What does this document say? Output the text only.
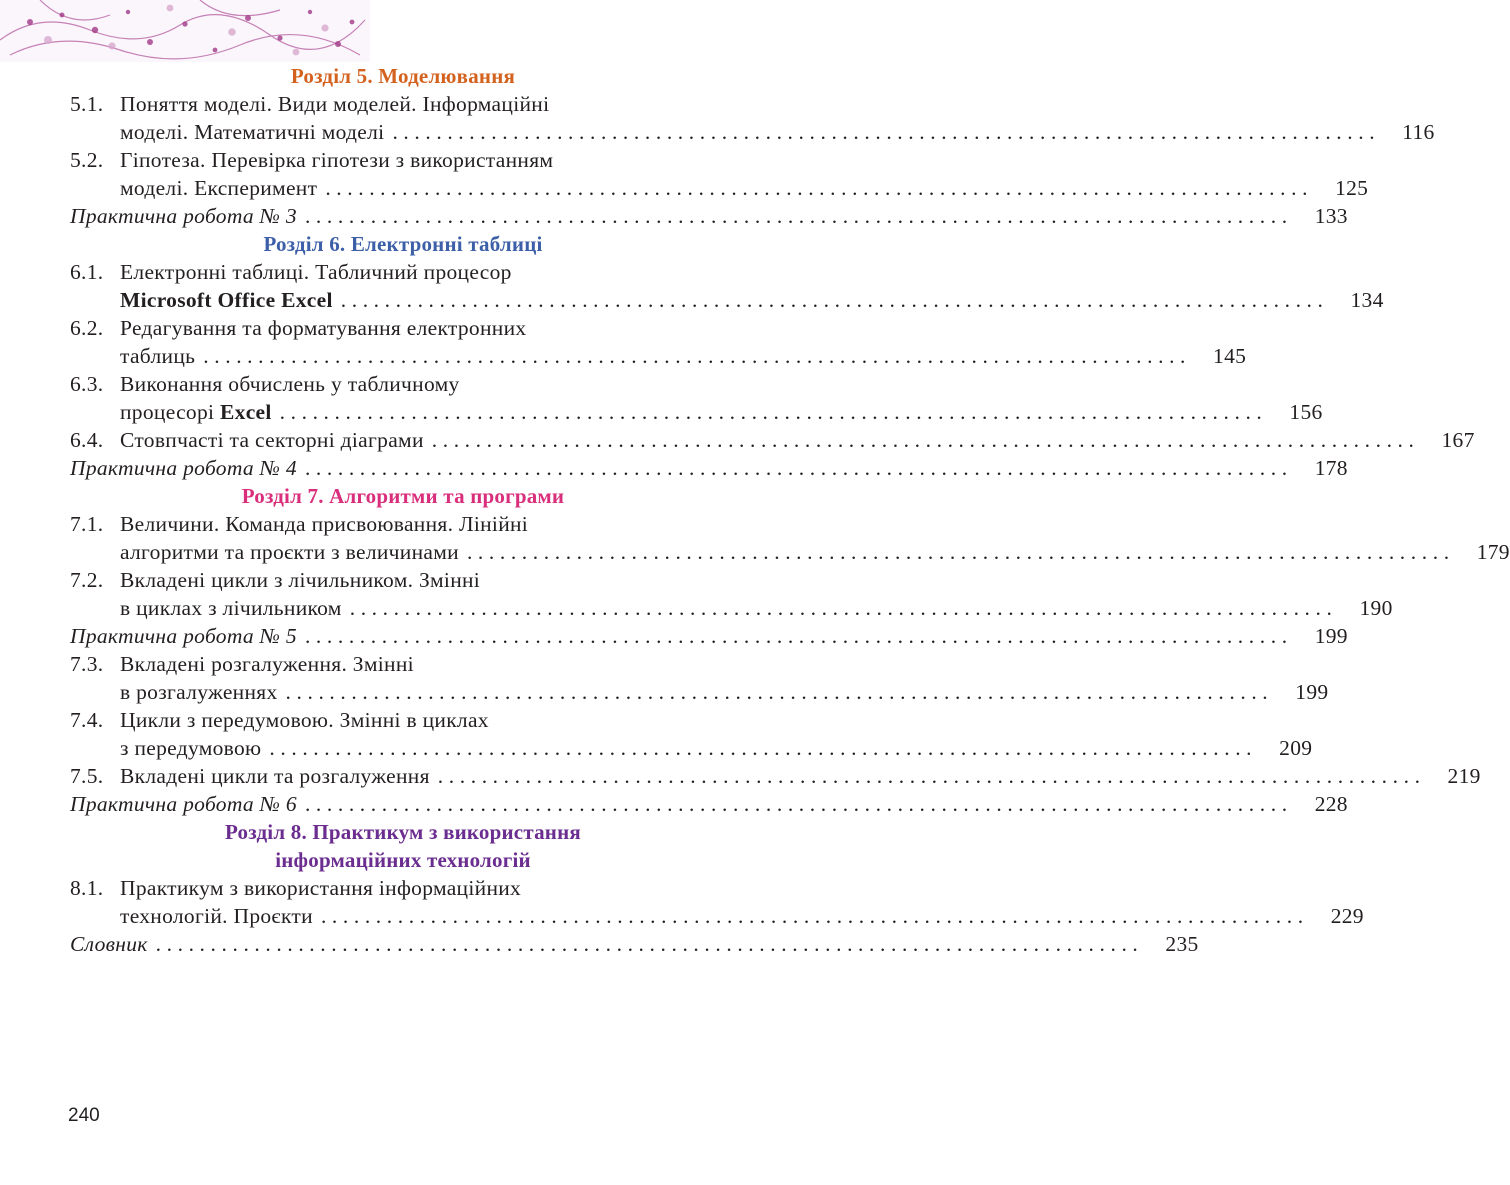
Розділ 5. Моделювання
5.1. Поняття моделі. Види моделей. Інформаційні
моделі. Математичні моделі .......................................................................................... 116
5.2. Гіпотеза. Перевірка гіпотези з використанням
моделі. Експеримент .......................................................................................... 125
Практична робота № 3 .......................................................................................... 133
Розділ 6. Електронні таблиці
6.1. Електронні таблиці. Табличний процесор
Microsoft Office Excel .......................................................................................... 134
6.2. Редагування та форматування електронних
таблиць .......................................................................................... 145
6.3. Виконання обчислень у табличному
процесорі
Excel .......................................................................................... 156
6.4. Стовпчасті та секторні діаграми .......................................................................................... 167
Практична робота № 4 .......................................................................................... 178
Розділ 7. Алгоритми та програми
7.1. Величини. Команда присвоювання. Лінійні
алгоритми та проєкти з величинами .......................................................................................... 179
7.2. Вкладені цикли з лічильником. Змінні
в циклах з лічильником .......................................................................................... 190
Практична робота № 5 .......................................................................................... 199
7.3. Вкладені розгалуження. Змінні
в розгалуженнях .......................................................................................... 199
7.4. Цикли з передумовою. Змінні в циклах
з передумовою .......................................................................................... 209
7.5. Вкладені цикли та розгалуження .......................................................................................... 219
Практична робота № 6 .......................................................................................... 228
Розділ 8. Практикум з використання
інформаційних технологій
8.1. Практикум з використання інформаційних
технологій. Проєкти .......................................................................................... 229
Словник .......................................................................................... 235
240
